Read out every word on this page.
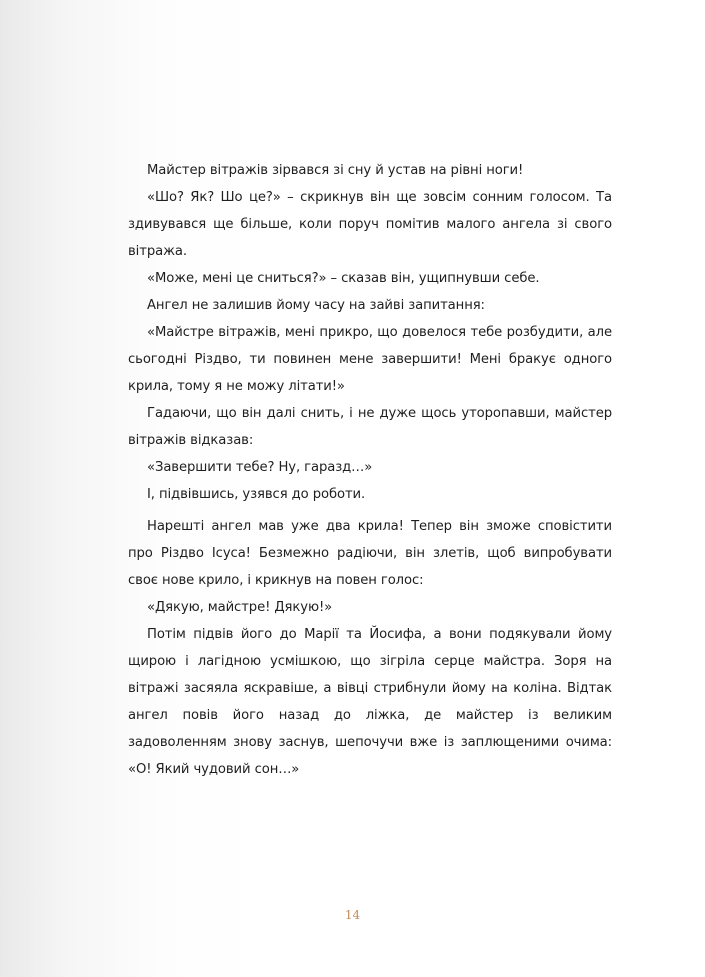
Майстер вітражів зірвався зі сну й устав на рівні ноги!

«Шо? Як? Шо це?» – скрикнув він ще зовсім сонним голосом. Та здивувався ще більше, коли поруч помітив малого ангела зі свого вітража.

«Може, мені це сниться?» – сказав він, ущипнувши себе.

Ангел не залишив йому часу на зайві запитання:

«Майстре вітражів, мені прикро, що довелося тебе розбудити, але сьогодні Різдво, ти повинен мене завершити! Мені бракує одного крила, тому я не можу літати!»

Гадаючи, що він далі снить, і не дуже щось уторопавши, майстер вітражів відказав:

«Завершити тебе? Ну, гаразд…»

І, підвівшись, узявся до роботи.

Нарешті ангел мав уже два крила! Тепер він зможе сповістити про Різдво Ісуса! Безмежно радіючи, він злетів, щоб випробувати своє нове крило, і крикнув на повен голос:

«Дякую, майстре! Дякую!»

Потім підвів його до Марії та Йосифа, а вони подякували йому щирою і лагідною усмішкою, що зігріла серце майстра. Зоря на вітражі засяяла яскравіше, а вівці стрибнули йому на коліна. Відтак ангел повів його назад до ліжка, де майстер із великим задоволенням знову заснув, шепочучи вже із заплющеними очима: «О! Який чудовий сон…»

14
